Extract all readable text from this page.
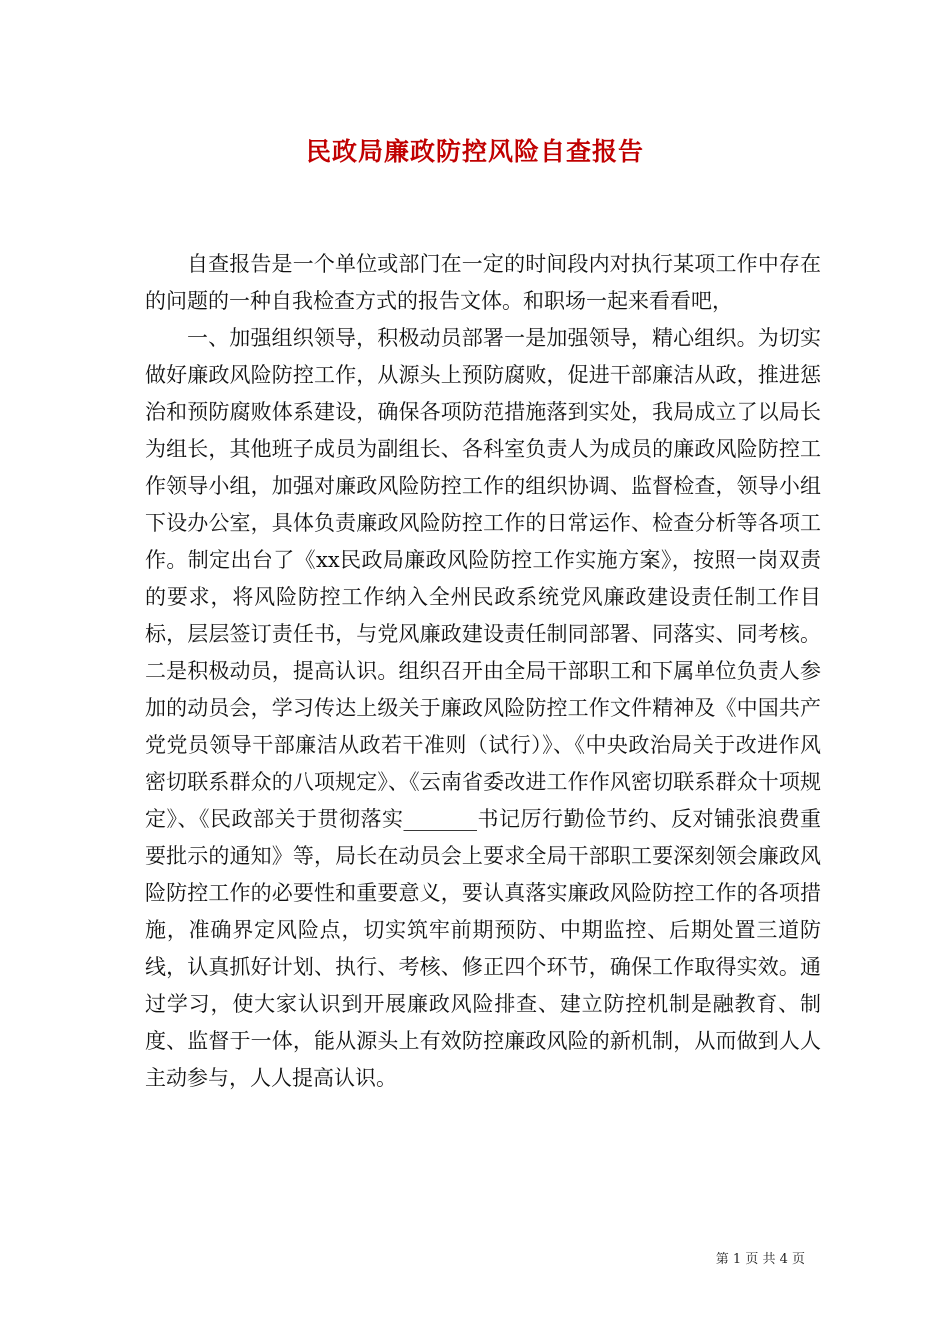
民政局廉政防控风险自查报告

自查报告是一个单位或部门在一定的时间段内对执行某项工作中存在的问题的一种自我检查方式的报告文体。和职场一起来看看吧，

一、加强组织领导，积极动员部署一是加强领导，精心组织。为切实做好廉政风险防控工作，从源头上预防腐败，促进干部廉洁从政，推进惩治和预防腐败体系建设，确保各项防范措施落到实处，我局成立了以局长为组长，其他班子成员为副组长、各科室负责人为成员的廉政风险防控工作领导小组，加强对廉政风险防控工作的组织协调、监督检查，领导小组下设办公室，具体负责廉政风险防控工作的日常运作、检查分析等各项工作。制定出台了《xx民政局廉政风险防控工作实施方案》，按照一岗双责的要求，将风险防控工作纳入全州民政系统党风廉政建设责任制工作目标，层层签订责任书，与党风廉政建设责任制同部署、同落实、同考核。二是积极动员，提高认识。组织召开由全局干部职工和下属单位负责人参加的动员会，学习传达上级关于廉政风险防控工作文件精神及《中国共产党党员领导干部廉洁从政若干准则（试行）》、《中央政治局关于改进作风密切联系群众的八项规定》、《云南省委改进工作作风密切联系群众十项规定》、《民政部关于贯彻落实_______书记厉行勤俭节约、反对铺张浪费重要批示的通知》等，局长在动员会上要求全局干部职工要深刻领会廉政风险防控工作的必要性和重要意义，要认真落实廉政风险防控工作的各项措施，准确界定风险点，切实筑牢前期预防、中期监控、后期处置三道防线，认真抓好计划、执行、考核、修正四个环节，确保工作取得实效。通过学习，使大家认识到开展廉政风险排查、建立防控机制是融教育、制度、监督于一体，能从源头上有效防控廉政风险的新机制，从而做到人人主动参与，人人提高认识。

第 1 页 共 4 页
